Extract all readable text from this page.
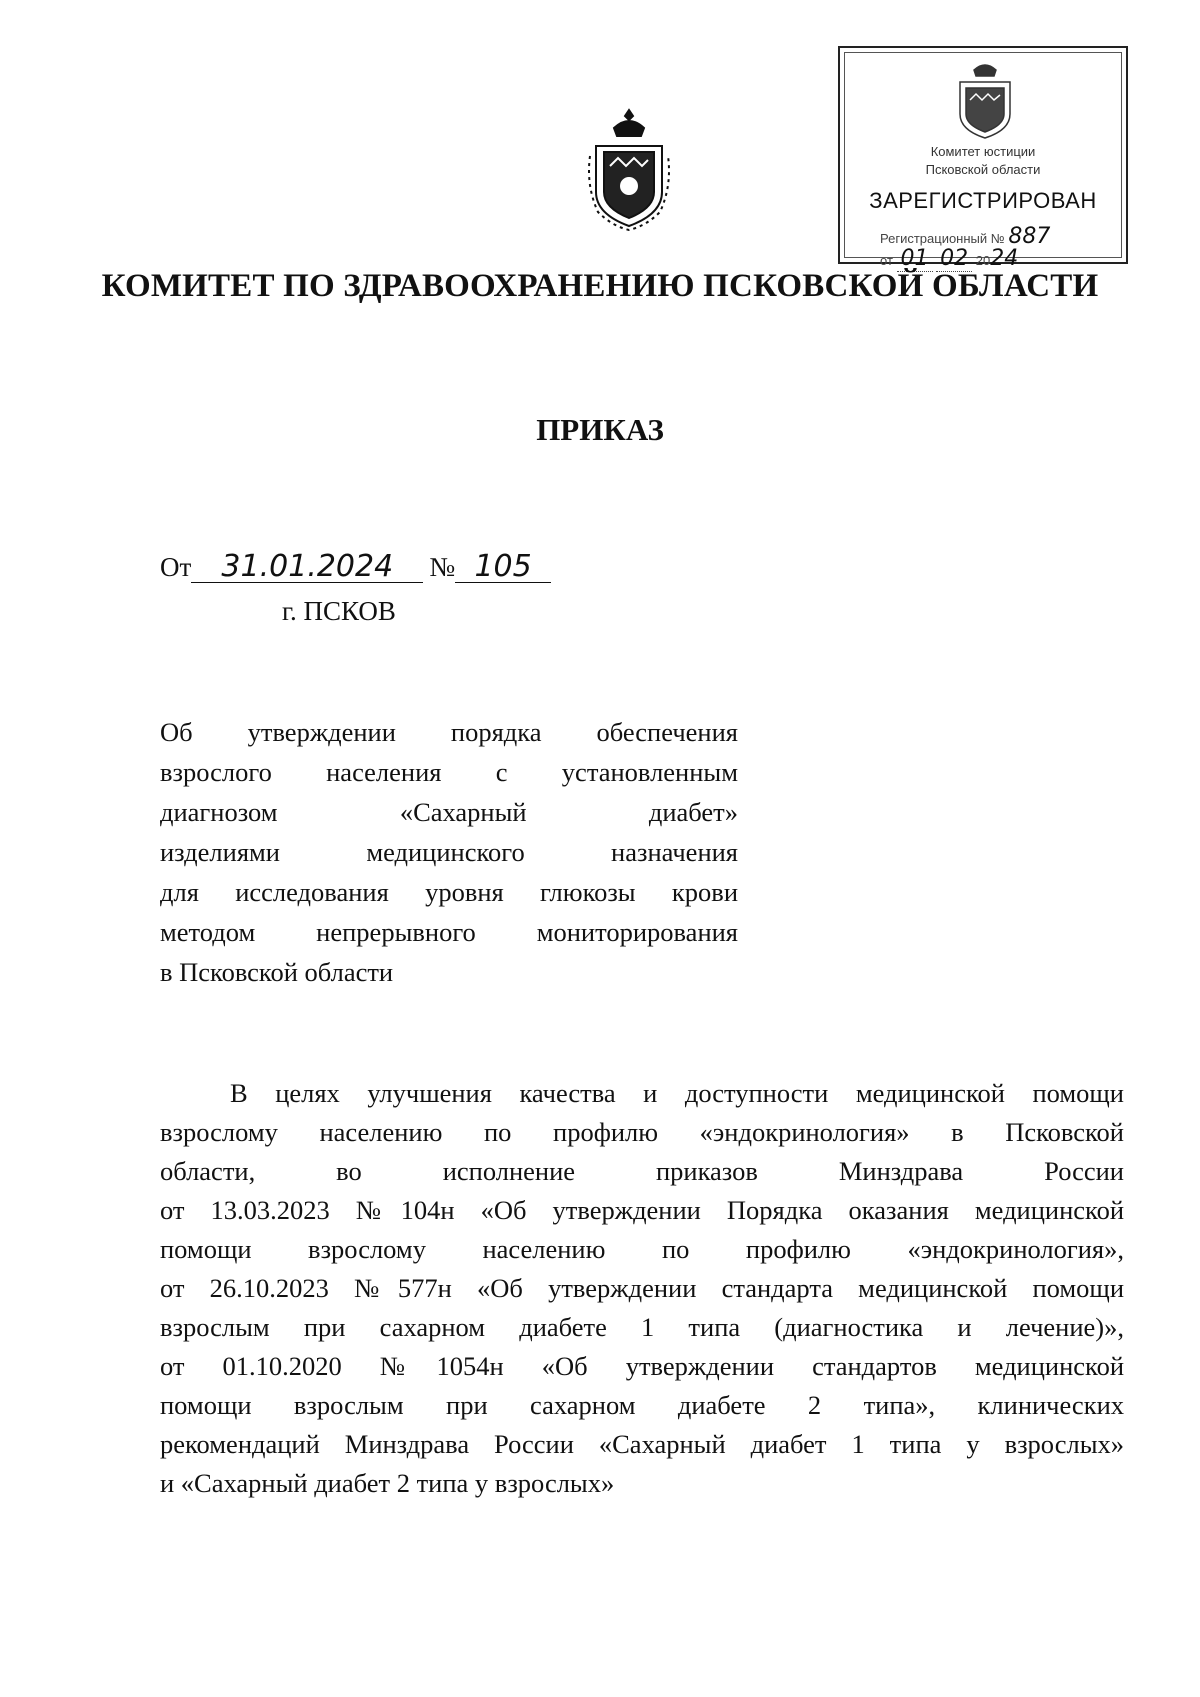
Комитет юстиции
Псковской области
ЗАРЕГИСТРИРОВАН
Регистрационный № 887
от 01 02 2024
КОМИТЕТ ПО ЗДРАВООХРАНЕНИЮ ПСКОВСКОЙ ОБЛАСТИ
ПРИКАЗ
От 31.01.2024 № 105
г. ПСКОВ
Об утверждении порядка обеспечения
взрослого населения с установленным
диагнозом «Сахарный диабет»
изделиями медицинского назначения
для исследования уровня глюкозы крови
методом непрерывного мониторирования
в Псковской области
В целях улучшения качества и доступности медицинской помощи
взрослому населению по профилю «эндокринология» в Псковской
области, во исполнение приказов Минздрава России
от 13.03.2023 №104н «Об утверждении Порядка оказания медицинской
помощи взрослому населению по профилю «эндокринология»,
от 26.10.2023 №577н «Об утверждении стандарта медицинской помощи
взрослым при сахарном диабете 1 типа (диагностика и лечение)»,
от 01.10.2020 №1054н «Об утверждении стандартов медицинской
помощи взрослым при сахарном диабете 2 типа», клинических
рекомендаций Минздрава России «Сахарный диабет 1 типа у взрослых»
и «Сахарный диабет 2 типа у взрослых»
